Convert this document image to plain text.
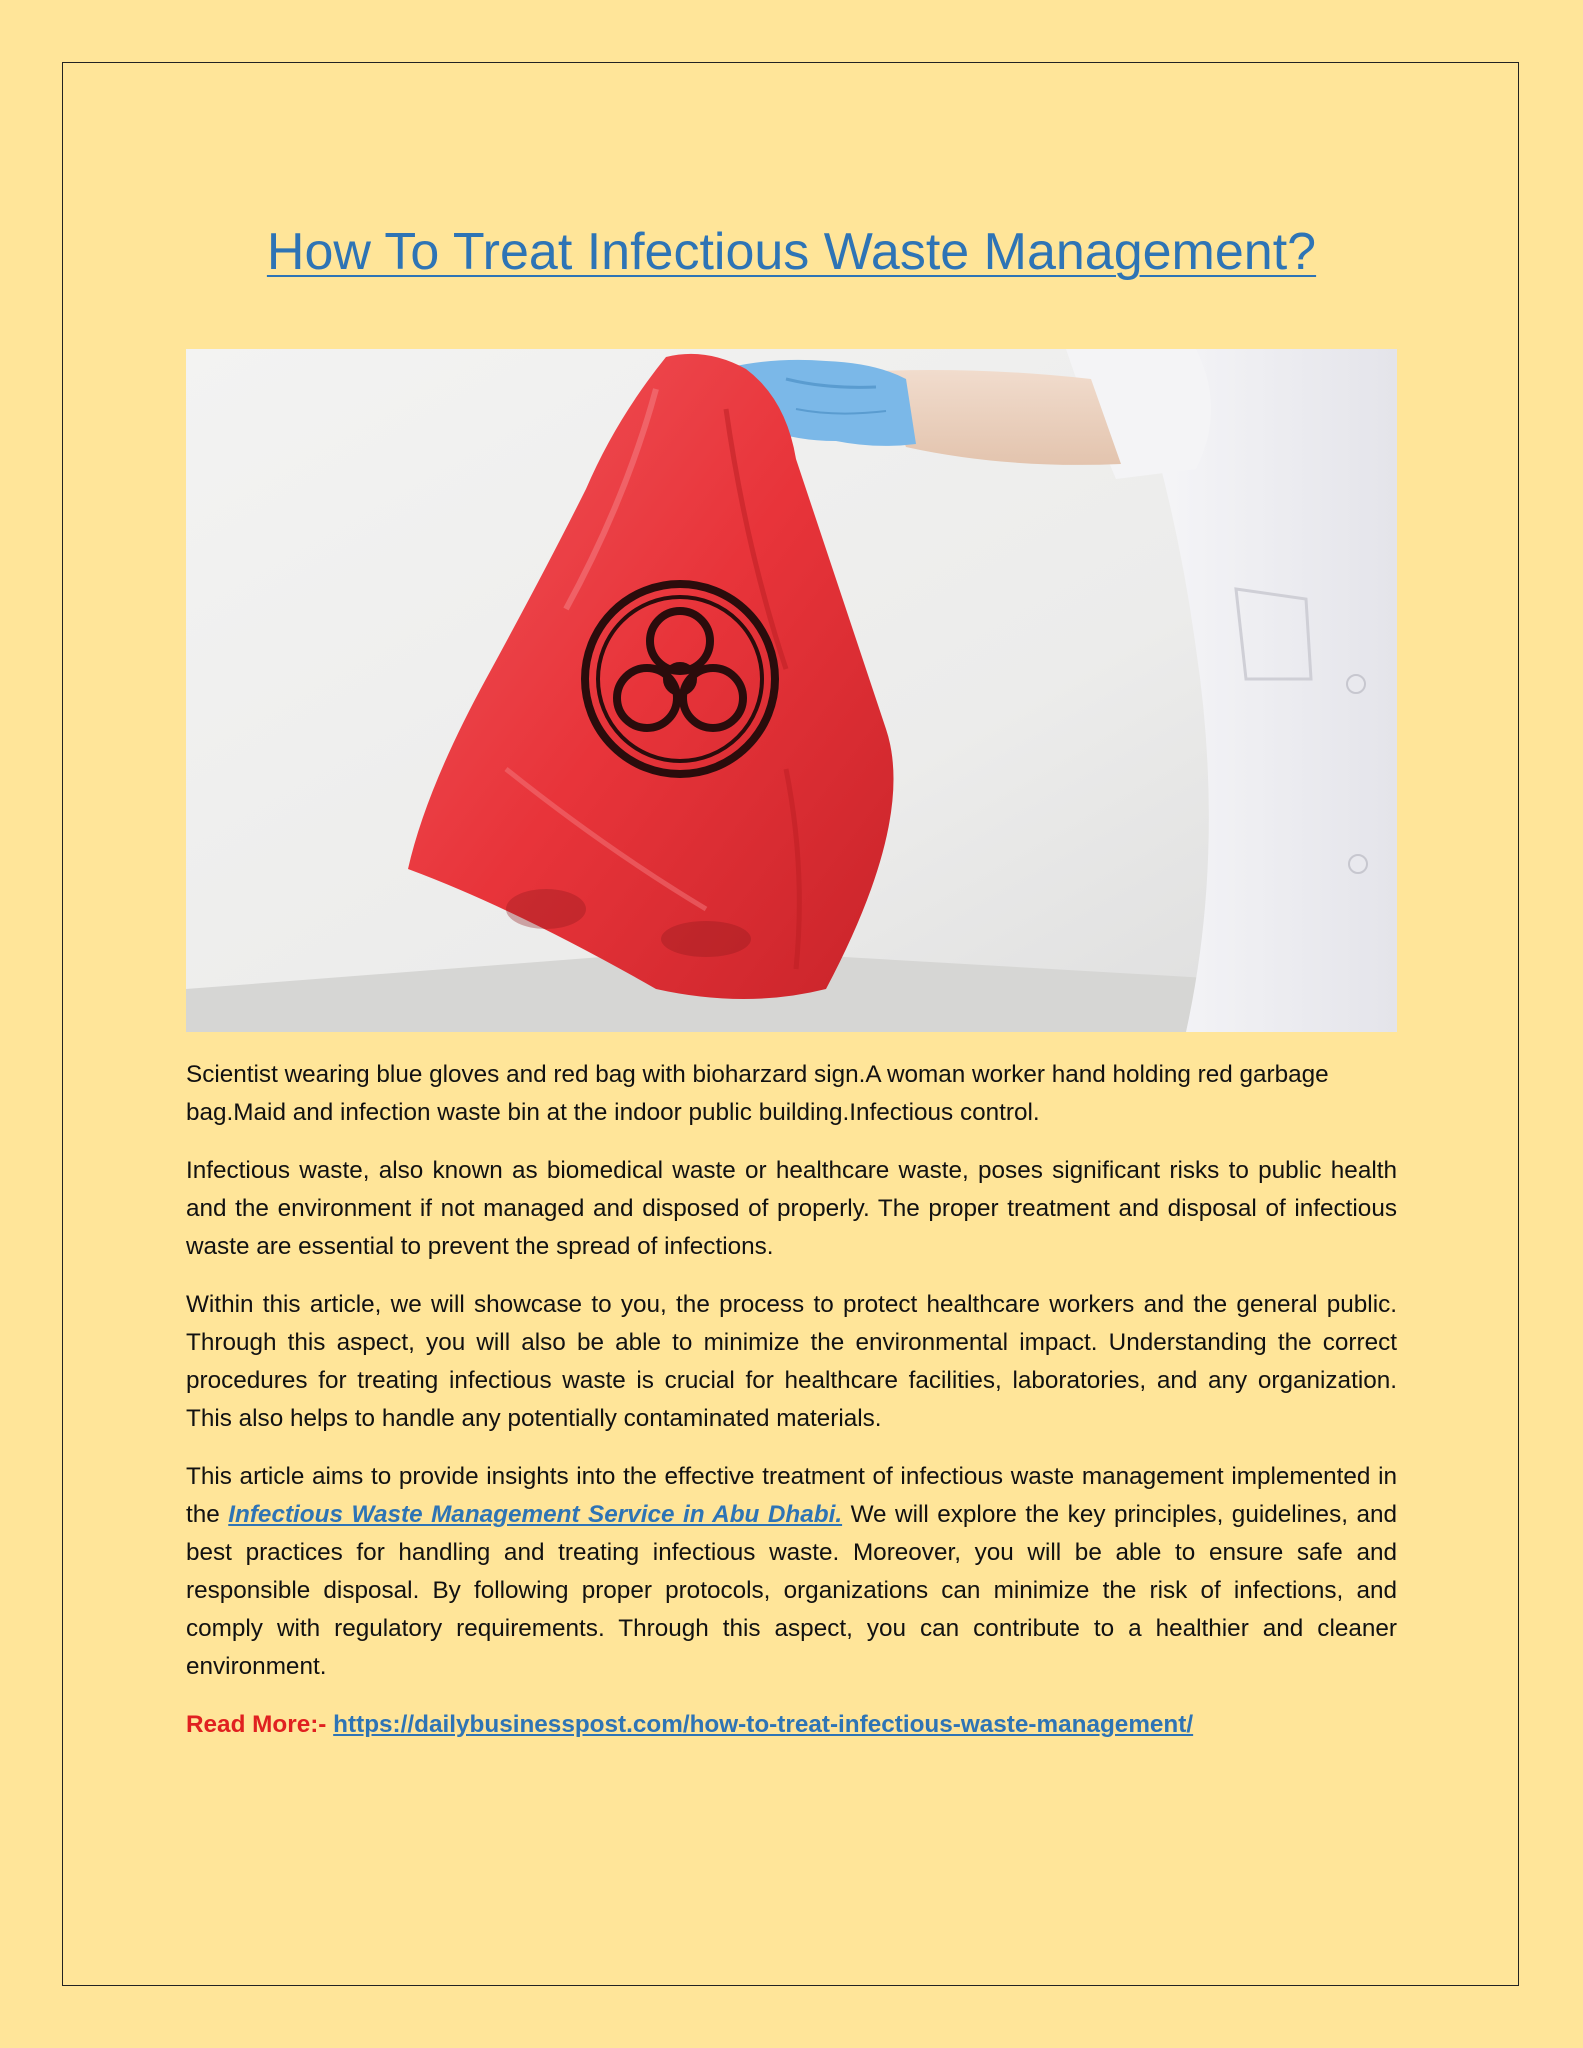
How To Treat Infectious Waste Management?

Scientist wearing blue gloves and red bag with bioharzard sign.A woman worker hand holding red garbage bag.Maid and infection waste bin at the indoor public building.Infectious control.

Infectious waste, also known as biomedical waste or healthcare waste, poses significant risks to public health and the environment if not managed and disposed of properly. The proper treatment and disposal of infectious waste are essential to prevent the spread of infections.

Within this article, we will showcase to you, the process to protect healthcare workers and the general public. Through this aspect, you will also be able to minimize the environmental impact. Understanding the correct procedures for treating infectious waste is crucial for healthcare facilities, laboratories, and any organization. This also helps to handle any potentially contaminated materials.

This article aims to provide insights into the effective treatment of infectious waste management implemented in the Infectious Waste Management Service in Abu Dhabi. We will explore the key principles, guidelines, and best practices for handling and treating infectious waste. Moreover, you will be able to ensure safe and responsible disposal. By following proper protocols, organizations can minimize the risk of infections, and comply with regulatory requirements. Through this aspect, you can contribute to a healthier and cleaner environment.

Read More:- https://dailybusinesspost.com/how-to-treat-infectious-waste-management/
